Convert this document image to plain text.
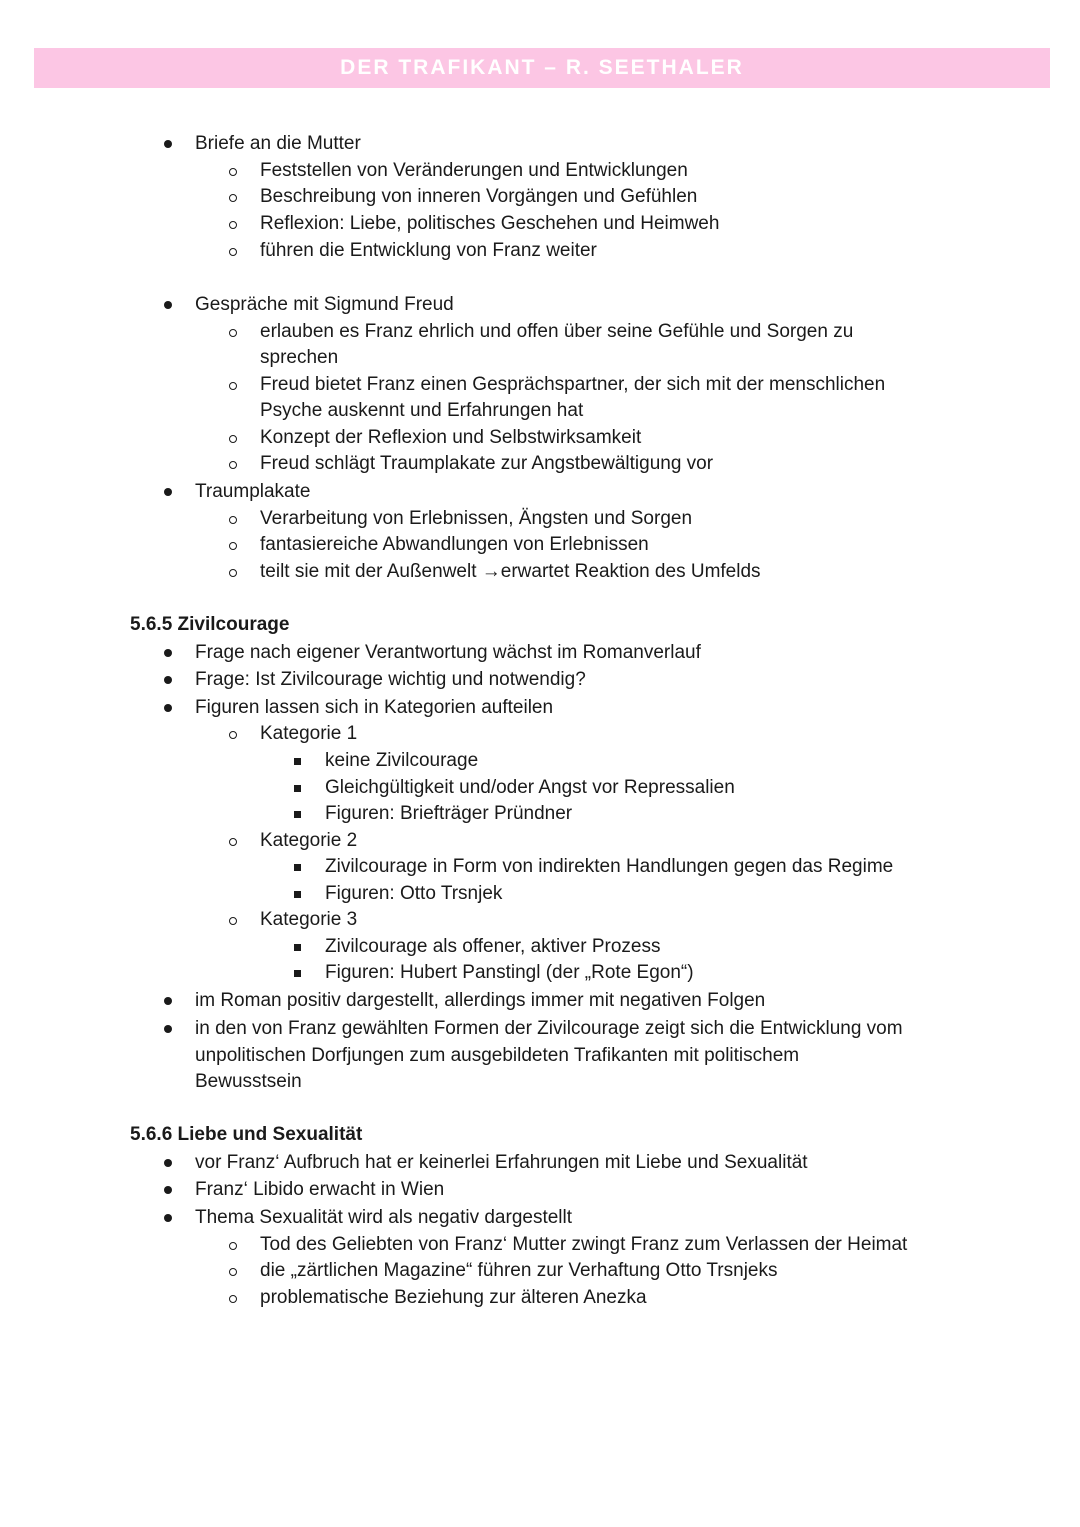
DER TRAFIKANT – R. SEETHALER
Briefe an die Mutter
Feststellen von Veränderungen und Entwicklungen
Beschreibung von inneren Vorgängen und Gefühlen
Reflexion: Liebe, politisches Geschehen und Heimweh
führen die Entwicklung von Franz weiter
Gespräche mit Sigmund Freud
erlauben es Franz ehrlich und offen über seine Gefühle und Sorgen zu
sprechen
Freud bietet Franz einen Gesprächspartner, der sich mit der menschlichen
Psyche auskennt und Erfahrungen hat
Konzept der Reflexion und Selbstwirksamkeit
Freud schlägt Traumplakate zur Angstbewältigung vor
Traumplakate
Verarbeitung von Erlebnissen, Ängsten und Sorgen
fantasiereiche Abwandlungen von Erlebnissen
teilt sie mit der Außenwelt →erwartet Reaktion des Umfelds
5.6.5 Zivilcourage
Frage nach eigener Verantwortung wächst im Romanverlauf
Frage: Ist Zivilcourage wichtig und notwendig?
Figuren lassen sich in Kategorien aufteilen
Kategorie 1
keine Zivilcourage
Gleichgültigkeit und/oder Angst vor Repressalien
Figuren: Briefträger Pründner
Kategorie 2
Zivilcourage in Form von indirekten Handlungen gegen das Regime
Figuren: Otto Trsnjek
Kategorie 3
Zivilcourage als offener, aktiver Prozess
Figuren: Hubert Panstingl (der „Rote Egon“)
im Roman positiv dargestellt, allerdings immer mit negativen Folgen
in den von Franz gewählten Formen der Zivilcourage zeigt sich die Entwicklung vom
unpolitischen Dorfjungen zum ausgebildeten Trafikanten mit politischem
Bewusstsein
5.6.6 Liebe und Sexualität
vor Franz‘ Aufbruch hat er keinerlei Erfahrungen mit Liebe und Sexualität
Franz‘ Libido erwacht in Wien
Thema Sexualität wird als negativ dargestellt
Tod des Geliebten von Franz‘ Mutter zwingt Franz zum Verlassen der Heimat
die „zärtlichen Magazine“ führen zur Verhaftung Otto Trsnjeks
problematische Beziehung zur älteren Anezka
